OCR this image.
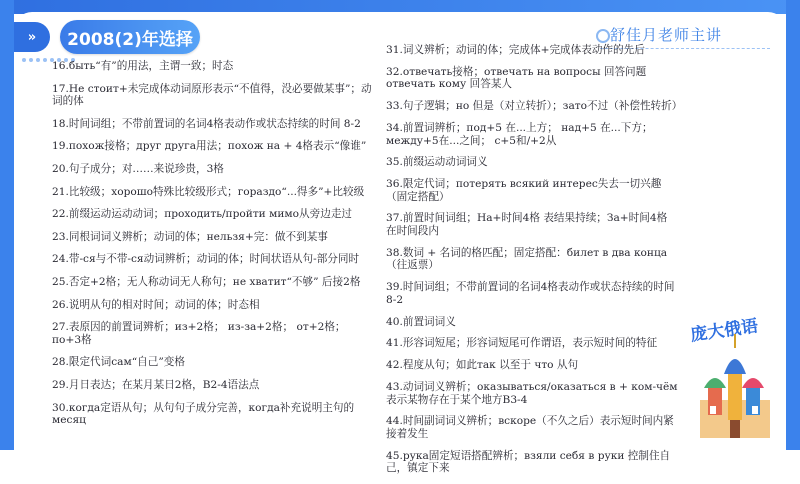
»	2008(2)年选择	舒佳月老师主讲
16.быть“有”的用法，主谓一致；时态
17.Не стоит+未完成体动词原形表示“不值得，没必要做某事”；动词的体
18.时间词组；不带前置词的名词4格表动作或状态持续的时间 8-2
19.похож接格；друг друга用法；похож на + 4格表示“像谁”
20.句子成分；对……来说珍贵，3格
21.比较级；хорошо特殊比较级形式；гораздо“...得多”+比较级
22.前缀运动运动动词；проходить/пройти мимо从旁边走过
23.同根词词义辨析；动词的体；нельзя+完：做不到某事
24.带-ся与不带-ся动词辨析；动词的体；时间状语从句-部分同时
25.否定+2格；无人称动词无人称句；не хватит“不够” 后接2格
26.说明从句的相对时间；动词的体；时态相
27.表原因的前置词辨析；из+2格； из-за+2格； от+2格；по+3格
28.限定代词сам“自己”变格
29.月日表达；在某月某日2格，B2-4语法点
30.когда定语从句；从句句子成分完善，когда补充说明主句的месяц
31.词义辨析；动词的体；完成体+完成体表动作的先后
32.отвечать接格；отвечать на вопросы 回答问题 отвечать кому 回答某人
33.句子逻辑；но 但是（对立转折）；зато不过（补偿性转折）
34.前置词辨析；под+5 在...上方； над+5 在...下方；между+5在...之间； с+5和/+2从
35.前缀运动动词词义
36.限定代词；потерять всякий интерес失去一切兴趣（固定搭配）
37.前置时间词组；На+时间4格 表结果持续；За+时间4格 在时间段内
38.数词 + 名词的格匹配；固定搭配：билет в два конца（往返票）
39.时间词组；不带前置词的名词4格表动作或状态持续的时间 8-2
40.前置词词义
41.形容词短尾；形容词短尾可作谓语，表示短时间的特征
42.程度从句；如此так 以至于 что 从句
43.动词词义辨析；оказываться/оказаться в + ком-чём表示某物存在于某个地方B3-4
44.时间副词词义辨析；вскоре（不久之后）表示短时间内紧接着发生
45.рука固定短语搭配辨析；взяли себя в руки 控制住自己，镇定下来
庞大俄语
